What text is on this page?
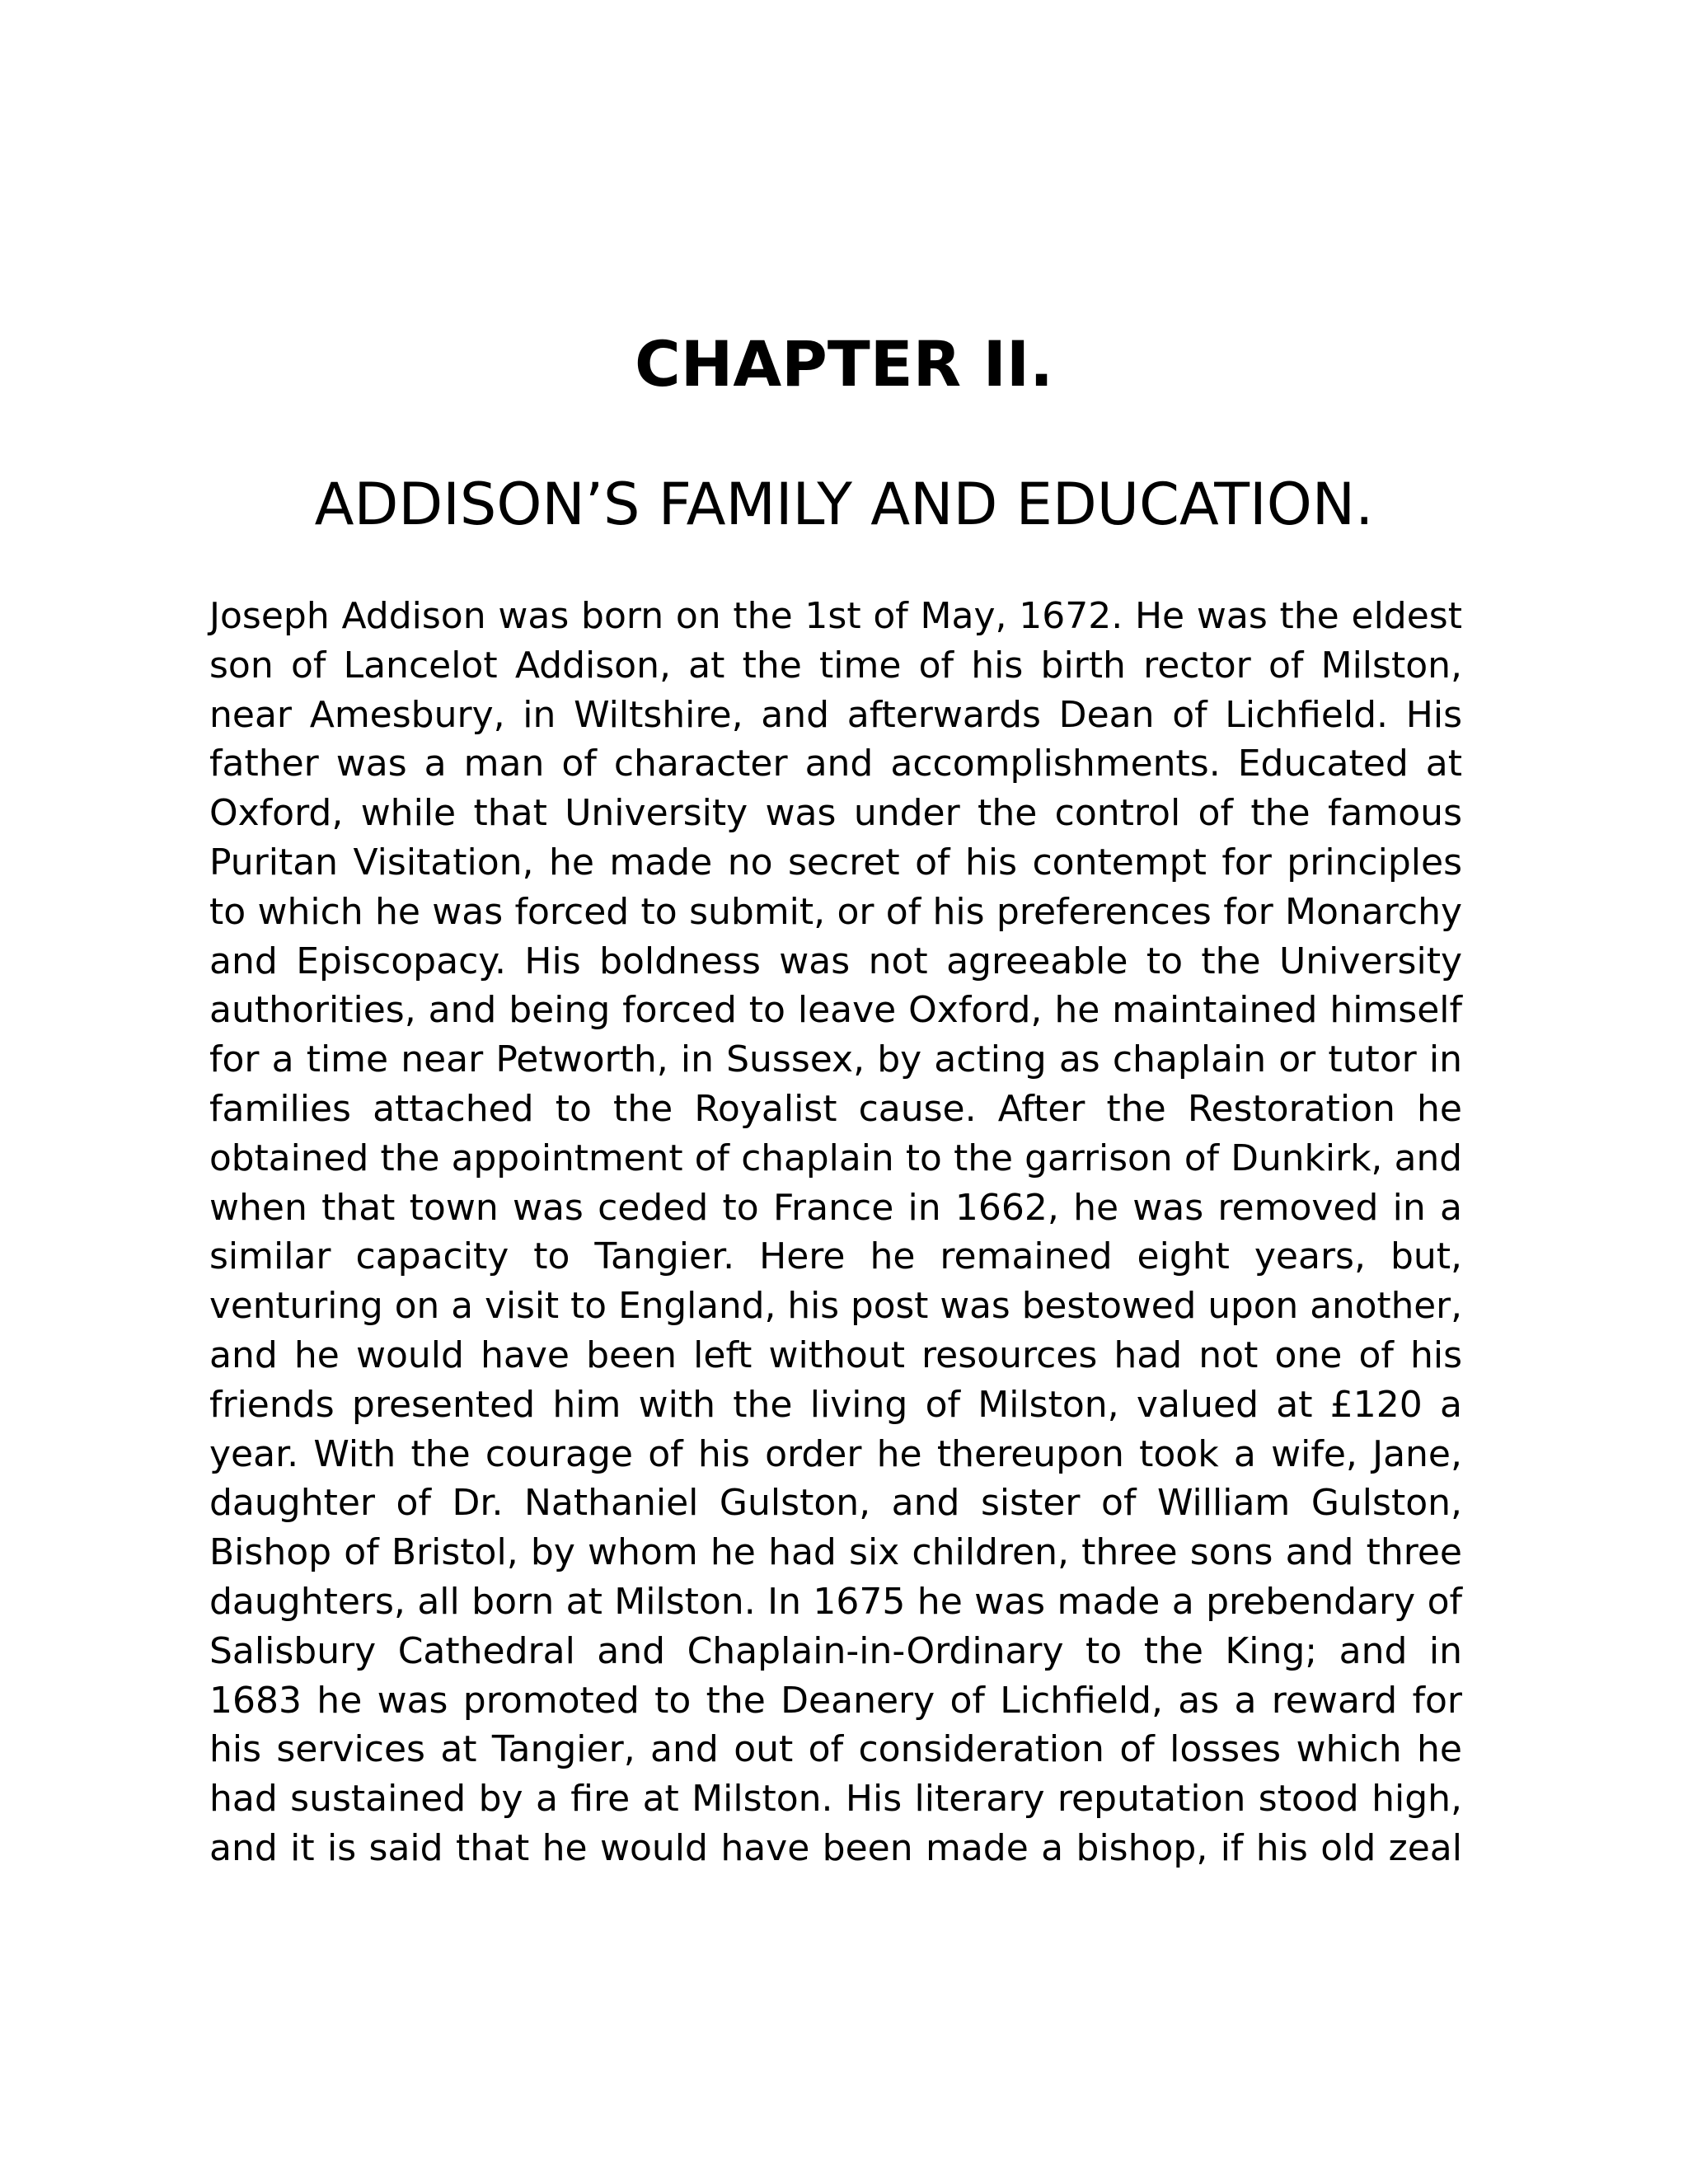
CHAPTER II.
ADDISON’S FAMILY AND EDUCATION.
Joseph Addison was born on the 1st of May, 1672. He was the eldest
son of Lancelot Addison, at the time of his birth rector of Milston,
near Amesbury, in Wiltshire, and afterwards Dean of Lichfield. His
father was a man of character and accomplishments. Educated at
Oxford, while that University was under the control of the famous
Puritan Visitation, he made no secret of his contempt for principles
to which he was forced to submit, or of his preferences for Monarchy
and Episcopacy. His boldness was not agreeable to the University
authorities, and being forced to leave Oxford, he maintained himself
for a time near Petworth, in Sussex, by acting as chaplain or tutor in
families attached to the Royalist cause. After the Restoration he
obtained the appointment of chaplain to the garrison of Dunkirk, and
when that town was ceded to France in 1662, he was removed in a
similar capacity to Tangier. Here he remained eight years, but,
venturing on a visit to England, his post was bestowed upon another,
and he would have been left without resources had not one of his
friends presented him with the living of Milston, valued at £120 a
year. With the courage of his order he thereupon took a wife, Jane,
daughter of Dr. Nathaniel Gulston, and sister of William Gulston,
Bishop of Bristol, by whom he had six children, three sons and three
daughters, all born at Milston. In 1675 he was made a prebendary of
Salisbury Cathedral and Chaplain-in-Ordinary to the King; and in
1683 he was promoted to the Deanery of Lichfield, as a reward for
his services at Tangier, and out of consideration of losses which he
had sustained by a fire at Milston. His literary reputation stood high,
and it is said that he would have been made a bishop, if his old zeal
